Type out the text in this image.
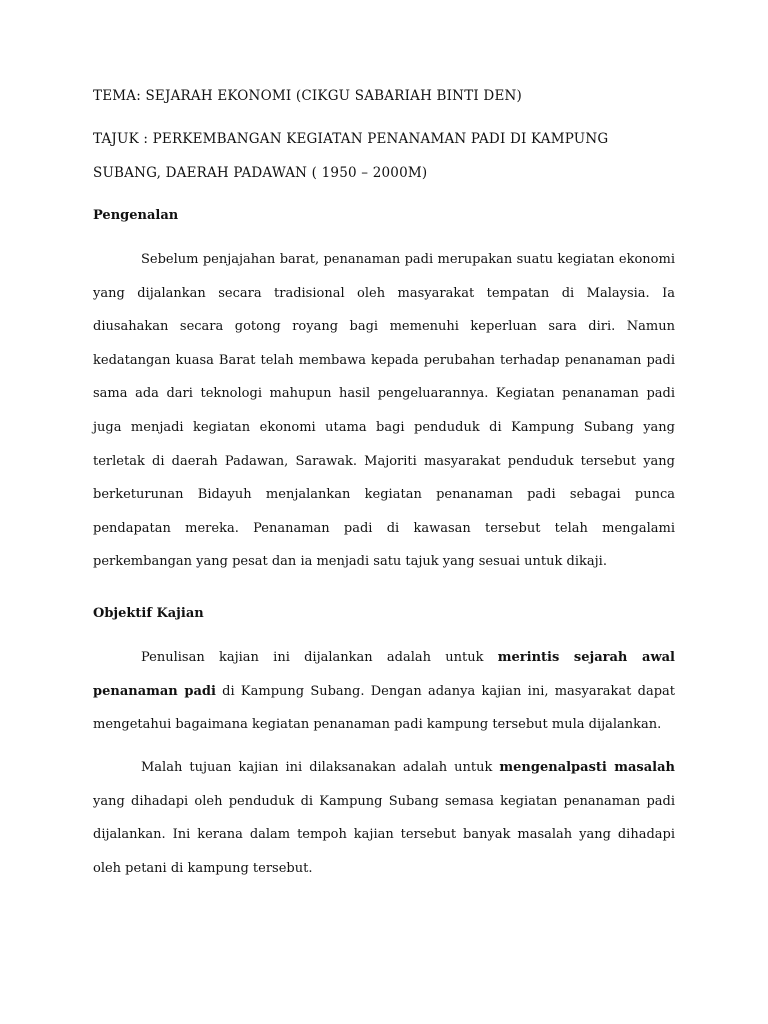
TEMA: SEJARAH EKONOMI (CIKGU SABARIAH BINTI DEN)

TAJUK : PERKEMBANGAN KEGIATAN PENANAMAN PADI DI KAMPUNG

SUBANG, DAERAH PADAWAN ( 1950 – 2000M)

Pengenalan

Sebelum penjajahan barat, penanaman padi merupakan suatu kegiatan ekonomi yang dijalankan secara tradisional oleh masyarakat tempatan di Malaysia. Ia diusahakan secara gotong royang bagi memenuhi keperluan sara diri. Namun kedatangan kuasa Barat telah membawa kepada perubahan terhadap penanaman padi sama ada dari teknologi mahupun hasil pengeluarannya. Kegiatan penanaman padi juga menjadi kegiatan ekonomi utama bagi penduduk di Kampung Subang yang terletak di daerah Padawan, Sarawak. Majoriti masyarakat penduduk tersebut yang berketurunan Bidayuh menjalankan kegiatan penanaman padi sebagai punca pendapatan mereka. Penanaman padi di kawasan tersebut telah mengalami perkembangan yang pesat dan ia menjadi satu tajuk yang sesuai untuk dikaji.

Objektif Kajian

Penulisan kajian ini dijalankan adalah untuk merintis sejarah awal penanaman padi di Kampung Subang. Dengan adanya kajian ini, masyarakat dapat mengetahui bagaimana kegiatan penanaman padi kampung tersebut mula dijalankan.

Malah tujuan kajian ini dilaksanakan adalah untuk mengenalpasti masalah yang dihadapi oleh penduduk di Kampung Subang semasa kegiatan penanaman padi dijalankan. Ini kerana dalam tempoh kajian tersebut banyak masalah yang dihadapi oleh petani di kampung tersebut.
